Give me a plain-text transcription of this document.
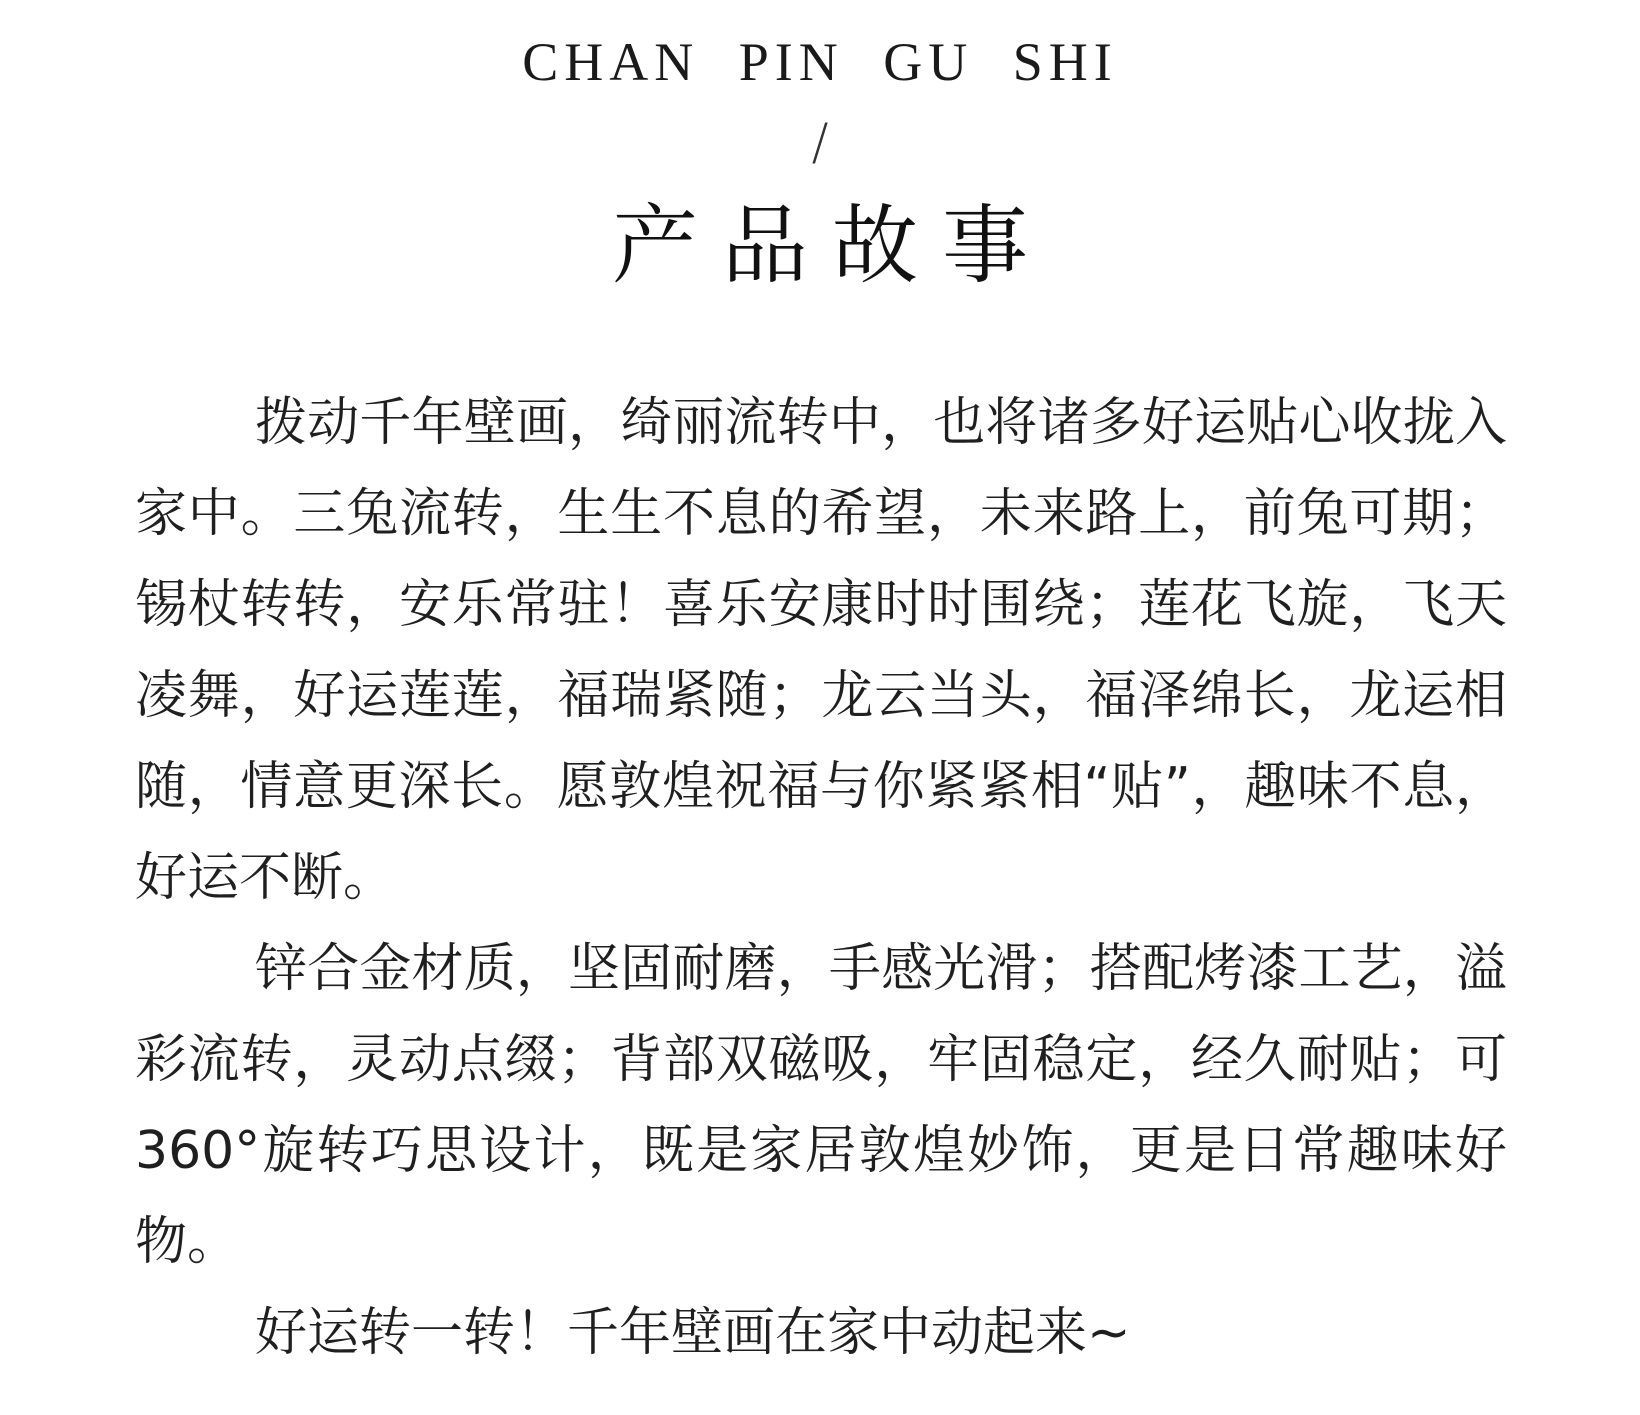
CHAN PIN GU SHI
/
产品故事

拨动千年壁画，绮丽流转中，也将诸多好运贴心收拢入家中。三兔流转，生生不息的希望，未来路上，前兔可期；锡杖转转，安乐常驻！喜乐安康时时围绕；莲花飞旋，飞天凌舞，好运莲莲，福瑞紧随；龙云当头，福泽绵长，龙运相随，情意更深长。愿敦煌祝福与你紧紧相“贴”，趣味不息，好运不断。

锌合金材质，坚固耐磨，手感光滑；搭配烤漆工艺，溢彩流转，灵动点缀；背部双磁吸，牢固稳定，经久耐贴；可360°旋转巧思设计，既是家居敦煌妙饰，更是日常趣味好物。

好运转一转！千年壁画在家中动起来~
